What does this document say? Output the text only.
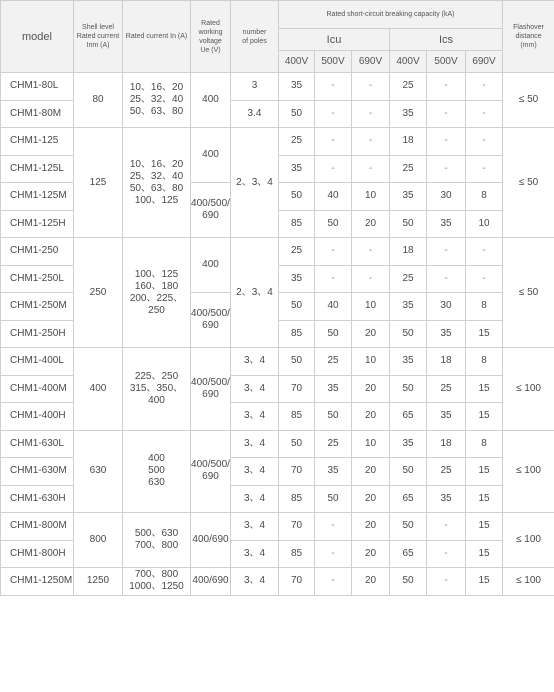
model	Shell level
Rated current
Inm (A)	Rated current In (A)	Rated
working
voltage
Ue (V)	number
of poles	Rated short-circuit breaking capacity (kA)						Flashover
distance
(mm)

					Icu			Ics			
					400V	500V	690V	400V	500V	690V	
CHM1-80L	80	10、16、20
25、32、40
50、63、80	400	3	35	-	-	25	-	-	≤ 50
CHM1-80M				3.4	50	-	-	35	-	-	
CHM1-125	125	10、16、20
25、32、40
50、63、80
100、125	400	2、3、4	25	-	-	18	-	-	≤ 50
CHM1-125L					35	-	-	25	-	-	
CHM1-125M			400/500/
690		50	40	10	35	30	8	
CHM1-125H					85	50	20	50	35	10	
CHM1-250	250	100、125
160、180
200、225、250	400	2、3、4	25	-	-	18	-	-	≤ 50
CHM1-250L					35	-	-	25	-	-	
CHM1-250M			400/500/
690		50	40	10	35	30	8	
CHM1-250H					85	50	20	50	35	15	
CHM1-400L	400	225、250
315、350、400	400/500/
690	3、4	50	25	10	35	18	8	≤ 100
CHM1-400M				3、4	70	35	20	50	25	15	
CHM1-400H				3、4	85	50	20	65	35	15	
CHM1-630L	630	400
500
630	400/500/
690	3、4	50	25	10	35	18	8	≤ 100
CHM1-630M				3、4	70	35	20	50	25	15	
CHM1-630H				3、4	85	50	20	65	35	15	
CHM1-800M	800	500、630
700、800	400/690	3、4	70	-	20	50	-	15	≤ 100
CHM1-800H				3、4	85	-	20	65	-	15	
CHM1-1250M	1250	700、800
1000、1250	400/690	3、4	70	-	20	50	-	15	≤ 100
